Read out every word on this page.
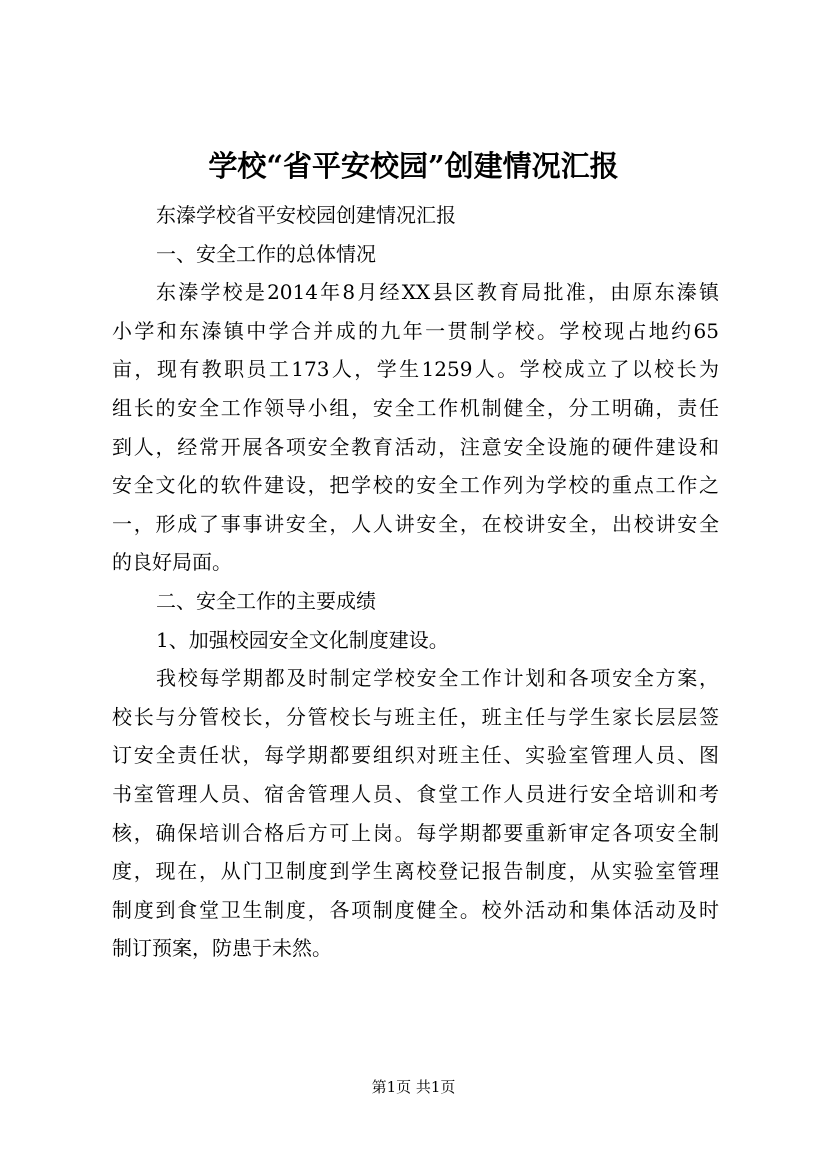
学校“省平安校园”创建情况汇报
东溱学校省平安校园创建情况汇报
一、安全工作的总体情况
东溱学校是2014年8月经XX县区教育局批准，由原东溱镇
小学和东溱镇中学合并成的九年一贯制学校。学校现占地约65
亩，现有教职员工173人，学生1259人。学校成立了以校长为
组长的安全工作领导小组，安全工作机制健全，分工明确，责任
到人，经常开展各项安全教育活动，注意安全设施的硬件建设和
安全文化的软件建设，把学校的安全工作列为学校的重点工作之
一，形成了事事讲安全，人人讲安全，在校讲安全，出校讲安全
的良好局面。
二、安全工作的主要成绩
1、加强校园安全文化制度建设。
我校每学期都及时制定学校安全工作计划和各项安全方案，
校长与分管校长，分管校长与班主任，班主任与学生家长层层签
订安全责任状，每学期都要组织对班主任、实验室管理人员、图
书室管理人员、宿舍管理人员、食堂工作人员进行安全培训和考
核，确保培训合格后方可上岗。每学期都要重新审定各项安全制
度，现在，从门卫制度到学生离校登记报告制度，从实验室管理
制度到食堂卫生制度，各项制度健全。校外活动和集体活动及时
制订预案，防患于未然。
第1页 共1页
